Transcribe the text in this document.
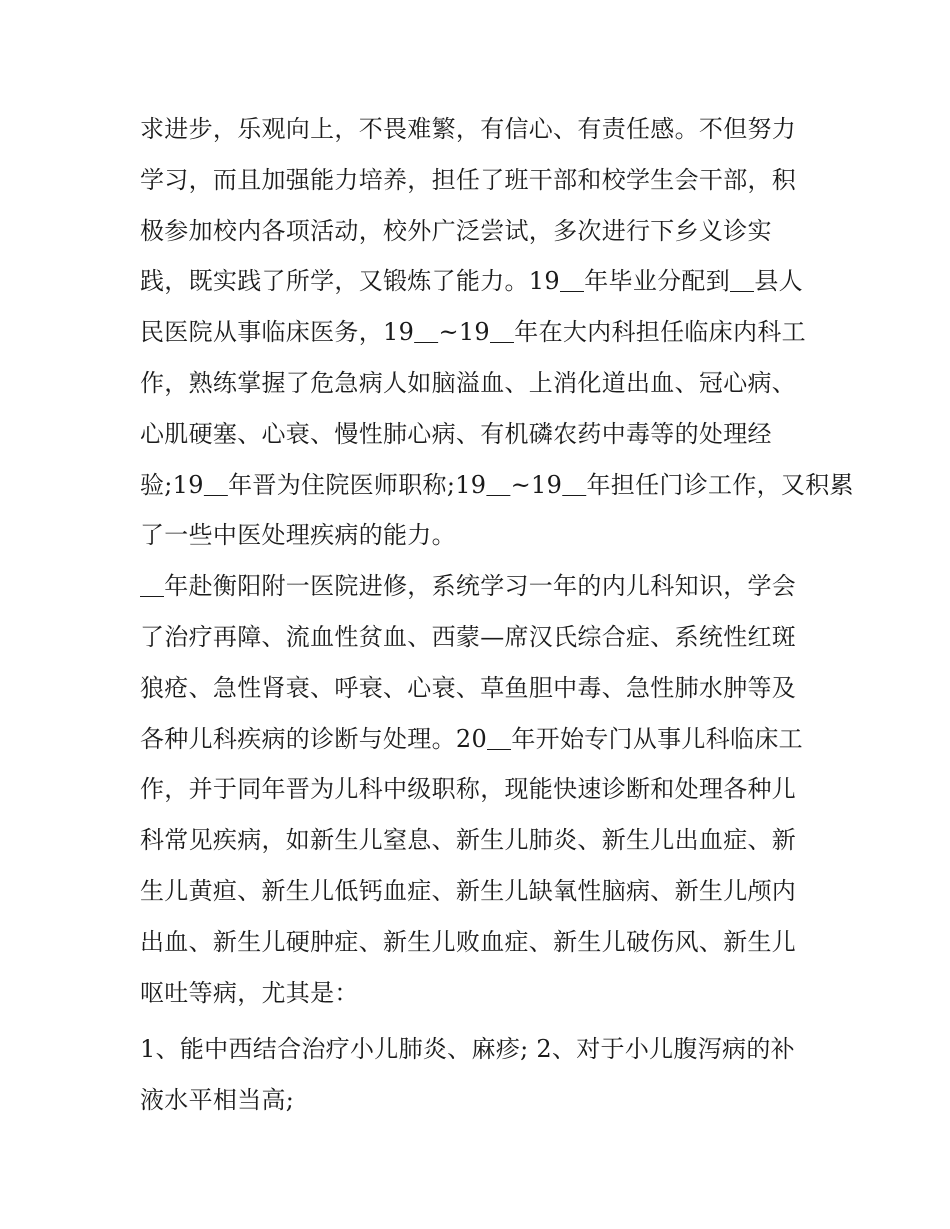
求进步，乐观向上，不畏难繁，有信心、有责任感。不但努力
学习，而且加强能力培养，担任了班干部和校学生会干部，积
极参加校内各项活动，校外广泛尝试，多次进行下乡义诊实
践，既实践了所学，又锻炼了能力。19＿年毕业分配到＿县人
民医院从事临床医务，19＿~19＿年在大内科担任临床内科工
作，熟练掌握了危急病人如脑溢血、上消化道出血、冠心病、
心肌硬塞、心衰、慢性肺心病、有机磷农药中毒等的处理经
验;19＿年晋为住院医师职称;19＿~19＿年担任门诊工作，又积累
了一些中医处理疾病的能力。
＿年赴衡阳附一医院进修，系统学习一年的内儿科知识，学会
了治疗再障、流血性贫血、西蒙—席汉氏综合症、系统性红斑
狼疮、急性肾衰、呼衰、心衰、草鱼胆中毒、急性肺水肿等及
各种儿科疾病的诊断与处理。20＿年开始专门从事儿科临床工
作，并于同年晋为儿科中级职称，现能快速诊断和处理各种儿
科常见疾病，如新生儿窒息、新生儿肺炎、新生儿出血症、新
生儿黄疸、新生儿低钙血症、新生儿缺氧性脑病、新生儿颅内
出血、新生儿硬肿症、新生儿败血症、新生儿破伤风、新生儿
呕吐等病，尤其是：
1、能中西结合治疗小儿肺炎、麻疹; 2、对于小儿腹泻病的补
液水平相当高;
